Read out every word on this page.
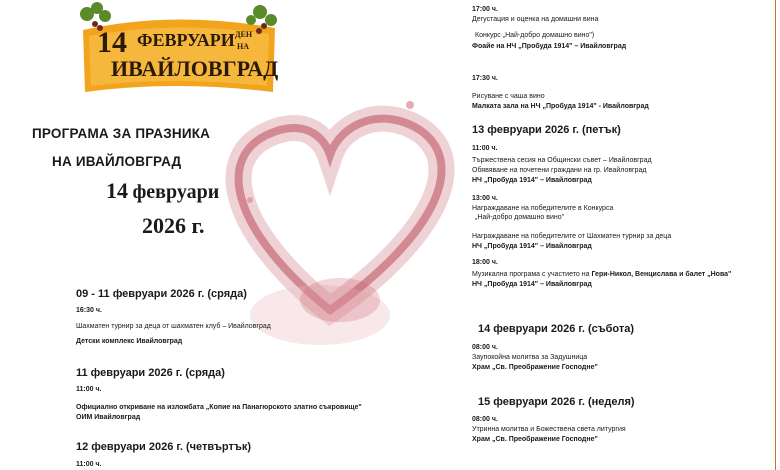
14 ФЕВРУАРИ ДЕН
НА
ИВАЙЛОВГРАД
ПРОГРАМА ЗА ПРАЗНИКА
НА ИВАЙЛОВГРАД
14 февруари
2026 г.
09 - 11 февруари 2026 г. (сряда)
16:30 ч.
Шахматен турнир за деца от шахматен клуб – Ивайловград
Детски комплекс Ивайловград
11 февруари 2026 г. (сряда)
11:00 ч.
Официално откриване на изложбата „Копие на Панагюрското златно съкровище"
ОИМ Ивайловград
12 февруари 2026 г. (четвъртък)
11:00 ч.
17:00 ч.
Дегустация и оценка на домашни вина
Конкурс „Най-добро домашно вино")
Фоайе на НЧ „Пробуда 1914" – Ивайловград
17:30 ч.
Рисуване с чаша вино
Малката зала на НЧ „Пробуда 1914" - Ивайловград
13 февруари 2026 г. (петък)
11:00 ч.
Тържествена сесия на Общински съвет – Ивайловград
Обявяване на почетени граждани на гр. Ивайловград
НЧ „Пробуда 1914" – Ивайловград
13:00 ч.
Награждаване на победителите в Конкурса
„Най-добро домашно вино"
Награждаване на победителите от Шахматен турнир за деца
НЧ „Пробуда 1914" – Ивайловград
18:00 ч.
Музикална програма с участието на Гери-Никол, Венцислава и балет „Нова"
НЧ „Пробуда 1914" – Ивайловград
14 февруари 2026 г. (събота)
08:00 ч.
Заупокойна молитва за Задушница
Храм „Св. Преображение Господне"
15 февруари 2026 г. (неделя)
08:00 ч.
Утринна молитва и Божествена света литургия
Храм „Св. Преображение Господне"
